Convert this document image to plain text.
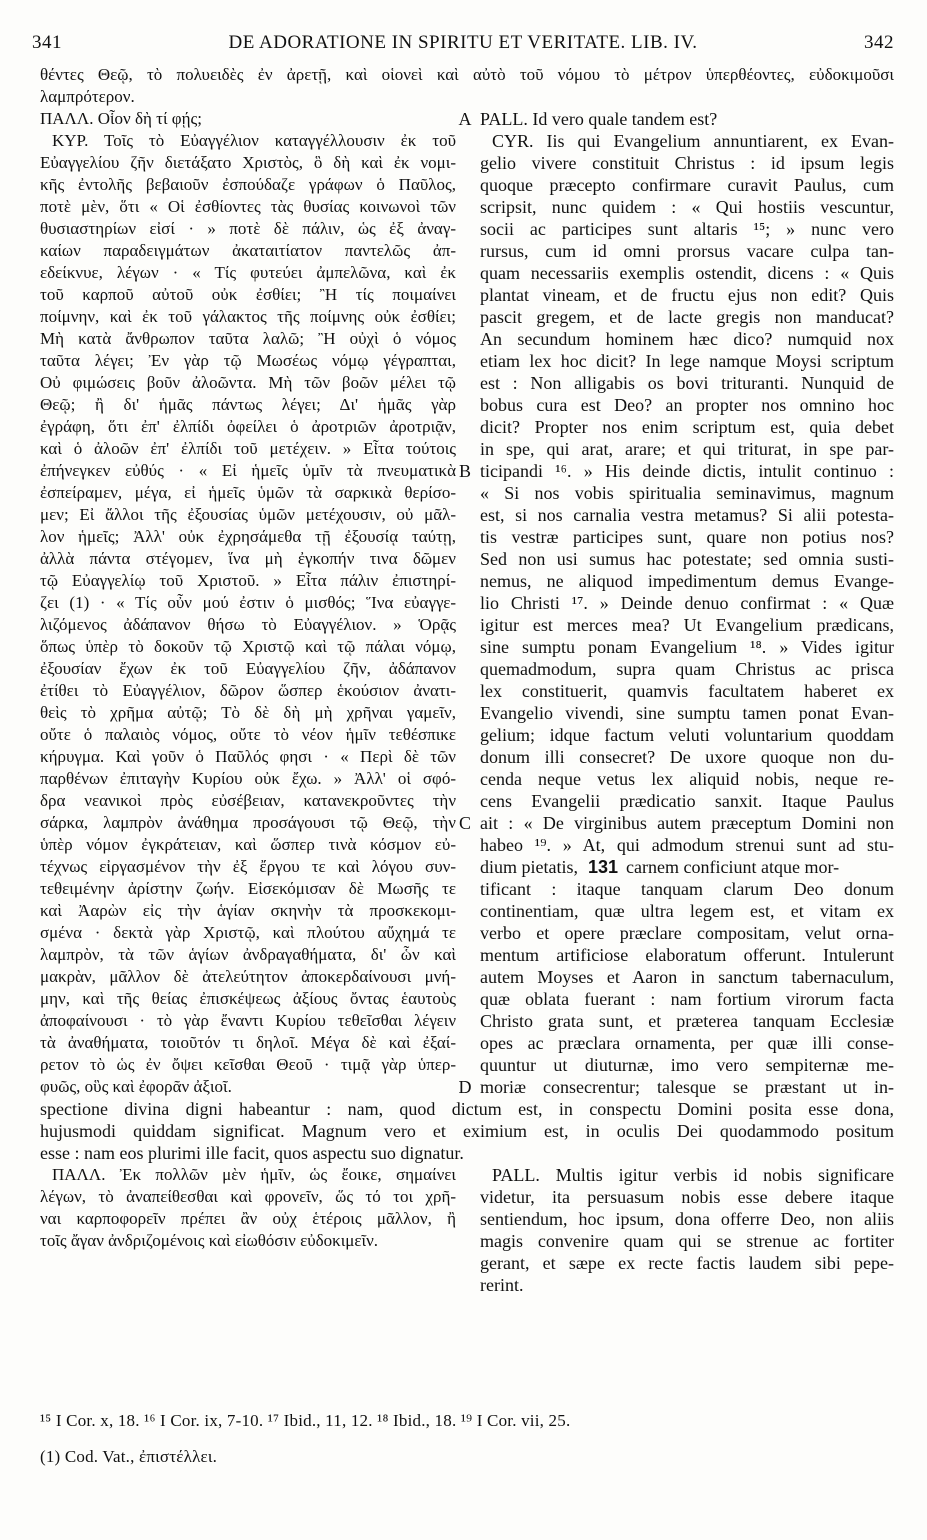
341	DE ADORATIONE IN SPIRITU ET VERITATE. LIB. IV.	342
θέντες Θεῷ, τὸ πολυειδὲς ἐν ἀρετῇ, καὶ οἱονεὶ καὶ αὐτὸ τοῦ νόμου τὸ μέτρον ὑπερθέοντες, εὐδοκιμοῦσι
λαμπρότερον.
ΠΑΛΛ. Οἷον δὴ τί φῄς;
ΚΥΡ. Τοῖς τὸ Εὐαγγέλιον καταγγέλλουσιν ἐκ τοῦ
Εὐαγγελίου ζῆν διετάξατο Χριστὸς, ὃ δὴ καὶ ἐκ νομι-
κῆς ἐντολῆς βεβαιοῦν ἐσπούδαζε γράφων ὁ Παῦλος,
ποτὲ μὲν, ὅτι « Οἱ ἐσθίοντες τὰς θυσίας κοινωνοὶ τῶν
θυσιαστηρίων εἰσί · » ποτὲ δὲ πάλιν, ὡς ἐξ ἀναγ-
καίων παραδειγμάτων ἀκαταιτίατον παντελῶς ἀπ-
εδείκνυε, λέγων · « Τίς φυτεύει ἀμπελῶνα, καὶ ἐκ
τοῦ καρποῦ αὐτοῦ οὐκ ἐσθίει; Ἢ τίς ποιμαίνει
ποίμνην, καὶ ἐκ τοῦ γάλακτος τῆς ποίμνης οὐκ ἐσθίει;
Μὴ κατὰ ἄνθρωπον ταῦτα λαλῶ; Ἢ οὐχὶ ὁ νόμος
ταῦτα λέγει; Ἐν γὰρ τῷ Μωσέως νόμῳ γέγραπται,
Οὐ φιμώσεις βοῦν ἀλοῶντα. Μὴ τῶν βοῶν μέλει τῷ
Θεῷ; ἢ δι' ἡμᾶς πάντως λέγει; Δι' ἡμᾶς γὰρ
ἐγράφη, ὅτι ἐπ' ἐλπίδι ὀφείλει ὁ ἀροτριῶν ἀροτριᾷν,
καὶ ὁ ἀλοῶν ἐπ' ἐλπίδι τοῦ μετέχειν. » Εἶτα τούτοις
ἐπήνεγκεν εὐθύς · « Εἰ ἡμεῖς ὑμῖν τὰ πνευματικὰ
ἐσπείραμεν, μέγα, εἰ ἡμεῖς ὑμῶν τὰ σαρκικὰ θερίσο-
μεν; Εἰ ἄλλοι τῆς ἐξουσίας ὑμῶν μετέχουσιν, οὐ μᾶλ-
λον ἡμεῖς; Ἀλλ' οὐκ ἐχρησάμεθα τῇ ἐξουσίᾳ ταύτῃ,
ἀλλὰ πάντα στέγομεν, ἵνα μὴ ἐγκοπήν τινα δῶμεν
τῷ Εὐαγγελίῳ τοῦ Χριστοῦ. » Εἶτα πάλιν ἐπιστηρί-
ζει (1) · « Τίς οὖν μού ἐστιν ὁ μισθός; Ἵνα εὐαγγε-
λιζόμενος ἀδάπανον θήσω τὸ Εὐαγγέλιον. » Ὁρᾷς
ὅπως ὑπὲρ τὸ δοκοῦν τῷ Χριστῷ καὶ τῷ πάλαι νόμῳ,
ἐξουσίαν ἔχων ἐκ τοῦ Εὐαγγελίου ζῆν, ἀδάπανον
ἐτίθει τὸ Εὐαγγέλιον, δῶρον ὥσπερ ἑκούσιον ἀνατι-
θεὶς τὸ χρῆμα αὐτῷ; Τὸ δὲ δὴ μὴ χρῆναι γαμεῖν,
οὔτε ὁ παλαιὸς νόμος, οὔτε τὸ νέον ἡμῖν τεθέσπικε
κήρυγμα. Καὶ γοῦν ὁ Παῦλός φησι · « Περὶ δὲ τῶν
παρθένων ἐπιταγὴν Κυρίου οὐκ ἔχω. » Ἀλλ' οἱ σφό-
δρα νεανικοὶ πρὸς εὐσέβειαν, κατανεκροῦντες τὴν
σάρκα, λαμπρὸν ἀνάθημα προσάγουσι τῷ Θεῷ, τὴν
ὑπὲρ νόμον ἐγκράτειαν, καὶ ὥσπερ τινὰ κόσμον εὐ-
τέχνως εἰργασμένον τὴν ἐξ ἔργου τε καὶ λόγου συν-
τεθειμένην ἀρίστην ζωήν. Εἰσεκόμισαν δὲ Μωσῆς τε
καὶ Ἀαρὼν εἰς τὴν ἁγίαν σκηνὴν τὰ προσκεκομι-
σμένα · δεκτὰ γὰρ Χριστῷ, καὶ πλούτου αὔχημά τε
λαμπρὸν, τὰ τῶν ἁγίων ἀνδραγαθήματα, δι' ὧν καὶ
μακρὰν, μᾶλλον δὲ ἀτελεύτητον ἀποκερδαίνουσι μνή-
μην, καὶ τῆς θείας ἐπισκέψεως ἀξίους ὄντας ἑαυτοὺς
ἀποφαίνουσι · τὸ γὰρ ἔναντι Κυρίου τεθεῖσθαι λέγειν
τὰ ἀναθήματα, τοιοῦτόν τι δηλοῖ. Μέγα δὲ καὶ ἐξαί-
ρετον τὸ ὡς ἐν ὄψει κεῖσθαι Θεοῦ · τιμᾷ γὰρ ὑπερ-
φυῶς, οὓς καὶ ἐφορᾶν ἀξιοῖ.
PALL. Id vero quale tandem est?
CYR. Iis qui Evangelium annuntiarent, ex Evan-
gelio vivere constituit Christus : id ipsum legis
quoque præcepto confirmare curavit Paulus, cum
scripsit, nunc quidem : « Qui hostiis vescuntur,
socii ac participes sunt altaris ¹⁵; » nunc vero
rursus, cum id omni prorsus vacare culpa tan-
quam necessariis exemplis ostendit, dicens : « Quis
plantat vineam, et de fructu ejus non edit? Quis
pascit gregem, et de lacte gregis non manducat?
An secundum hominem hæc dico? numquid nox
etiam lex hoc dicit? In lege namque Moysi scriptum
est : Non alligabis os bovi trituranti. Nunquid de
bobus cura est Deo? an propter nos omnino hoc
dicit? Propter nos enim scriptum est, quia debet
in spe, qui arat, arare; et qui triturat, in spe par-
ticipandi ¹⁶. » His deinde dictis, intulit continuo :
« Si nos vobis spiritualia seminavimus, magnum
est, si nos carnalia vestra metamus? Si alii potesta-
tis vestræ participes sunt, quare non potius nos?
Sed non usi sumus hac potestate; sed omnia susti-
nemus, ne aliquod impedimentum demus Evange-
lio Christi ¹⁷. » Deinde denuo confirmat : « Quæ
igitur est merces mea? Ut Evangelium prædicans,
sine sumptu ponam Evangelium ¹⁸. » Vides igitur
quemadmodum, supra quam Christus ac prisca
lex constituerit, quamvis facultatem haberet ex
Evangelio vivendi, sine sumptu tamen ponat Evan-
gelium; idque factum veluti voluntarium quoddam
donum illi consecret? De uxore quoque non du-
cenda neque vetus lex aliquid nobis, neque re-
cens Evangelii prædicatio sanxit. Itaque Paulus
ait : « De virginibus autem præceptum Domini non
habeo ¹⁹. » At, qui admodum strenui sunt ad stu-
dium pietatis, 131 carnem conficiunt atque mor-
tificant : itaque tanquam clarum Deo donum
continentiam, quæ ultra legem est, et vitam ex
verbo et opere præclare compositam, velut orna-
mentum artificiose elaboratum offerunt. Intulerunt
autem Moyses et Aaron in sanctum tabernaculum,
quæ oblata fuerant : nam fortium virorum facta
Christo grata sunt, et præterea tanquam Ecclesiæ
opes ac præclara ornamenta, per quæ illi conse-
quuntur ut diuturnæ, imo vero sempiternæ me-
moriæ consecrentur; talesque se præstant ut in-
A
B
C
D
spectione divina digni habeantur : nam, quod dictum est, in conspectu Domini posita esse dona,
hujusmodi quiddam significat. Magnum vero et eximium est, in oculis Dei quodammodo positum
esse : nam eos plurimi ille facit, quos aspectu suo dignatur.
ΠΑΛΛ. Ἐκ πολλῶν μὲν ἡμῖν, ὡς ἔοικε, σημαίνει
λέγων, τὸ ἀναπείθεσθαι καὶ φρονεῖν, ὥς τό τοι χρῆ-
ναι καρποφορεῖν πρέπει ἂν οὐχ ἑτέροις μᾶλλον, ἢ
τοῖς ἄγαν ἀνδριζομένοις καὶ εἰωθόσιν εὐδοκιμεῖν.
PALL. Multis igitur verbis id nobis significare
videtur, ita persuasum nobis esse debere itaque
sentiendum, hoc ipsum, dona offerre Deo, non aliis
magis convenire quam qui se strenue ac fortiter
gerant, et sæpe ex recte factis laudem sibi pepe-
rerint.
¹⁵ I Cor. x, 18. ¹⁶ I Cor. ix, 7-10. ¹⁷ Ibid., 11, 12. ¹⁸ Ibid., 18. ¹⁹ I Cor. vii, 25.
(1) Cod. Vat., ἐπιστέλλει.
